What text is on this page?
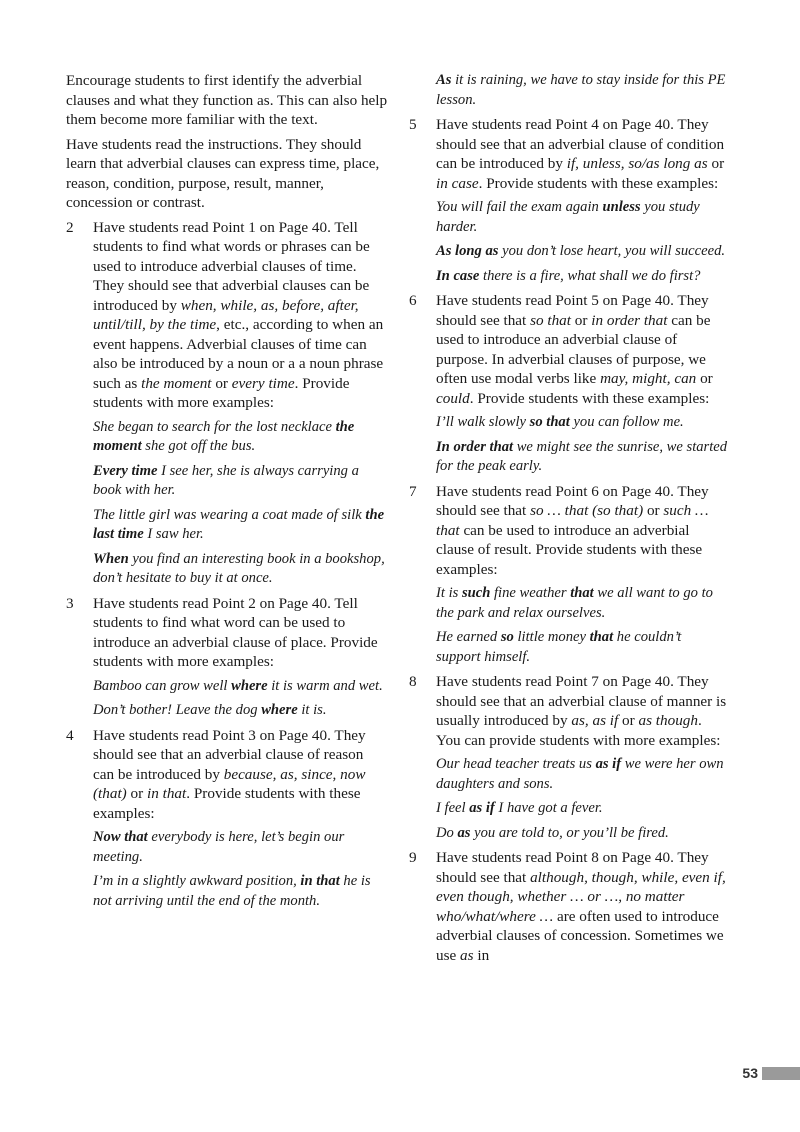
Encourage students to first identify the adverbial clauses and what they function as. This can also help them become more familiar with the text.

Have students read the instructions. They should learn that adverbial clauses can express time, place, reason, condition, purpose, result, manner, concession or contrast.

2 Have students read Point 1 on Page 40. Tell students to find what words or phrases can be used to introduce adverbial clauses of time. They should see that adverbial clauses can be introduced by when, while, as, before, after, until/till, by the time, etc., according to when an event happens. Adverbial clauses of time can also be introduced by a noun or a a noun phrase such as the moment or every time. Provide students with more examples:

She began to search for the lost necklace the moment she got off the bus.

Every time I see her, she is always carrying a book with her.

The little girl was wearing a coat made of silk the last time I saw her.

When you find an interesting book in a bookshop, don’t hesitate to buy it at once.

3 Have students read Point 2 on Page 40. Tell students to find what word can be used to introduce an adverbial clause of place. Provide students with more examples:

Bamboo can grow well where it is warm and wet.

Don’t bother! Leave the dog where it is.

4 Have students read Point 3 on Page 40. They should see that an adverbial clause of reason can be introduced by because, as, since, now (that) or in that. Provide students with these examples:

Now that everybody is here, let’s begin our meeting.

I’m in a slightly awkward position, in that he is not arriving until the end of the month.

As it is raining, we have to stay inside for this PE lesson.

5 Have students read Point 4 on Page 40. They should see that an adverbial clause of condition can be introduced by if, unless, so/as long as or in case. Provide students with these examples:

You will fail the exam again unless you study harder.

As long as you don’t lose heart, you will succeed.

In case there is a fire, what shall we do first?

6 Have students read Point 5 on Page 40. They should see that so that or in order that can be used to introduce an adverbial clause of purpose. In adverbial clauses of purpose, we often use modal verbs like may, might, can or could. Provide students with these examples:

I’ll walk slowly so that you can follow me.

In order that we might see the sunrise, we started for the peak early.

7 Have students read Point 6 on Page 40. They should see that so … that (so that) or such … that can be used to introduce an adverbial clause of result. Provide students with these examples:

It is such fine weather that we all want to go to the park and relax ourselves.

He earned so little money that he couldn’t support himself.

8 Have students read Point 7 on Page 40. They should see that an adverbial clause of manner is usually introduced by as, as if or as though. You can provide students with more examples:

Our head teacher treats us as if we were her own daughters and sons.

I feel as if I have got a fever.

Do as you are told to, or you’ll be fired.

9 Have students read Point 8 on Page 40. They should see that although, though, while, even if, even though, whether … or …, no matter who/what/where … are often used to introduce adverbial clauses of concession. Sometimes we use as in

53
